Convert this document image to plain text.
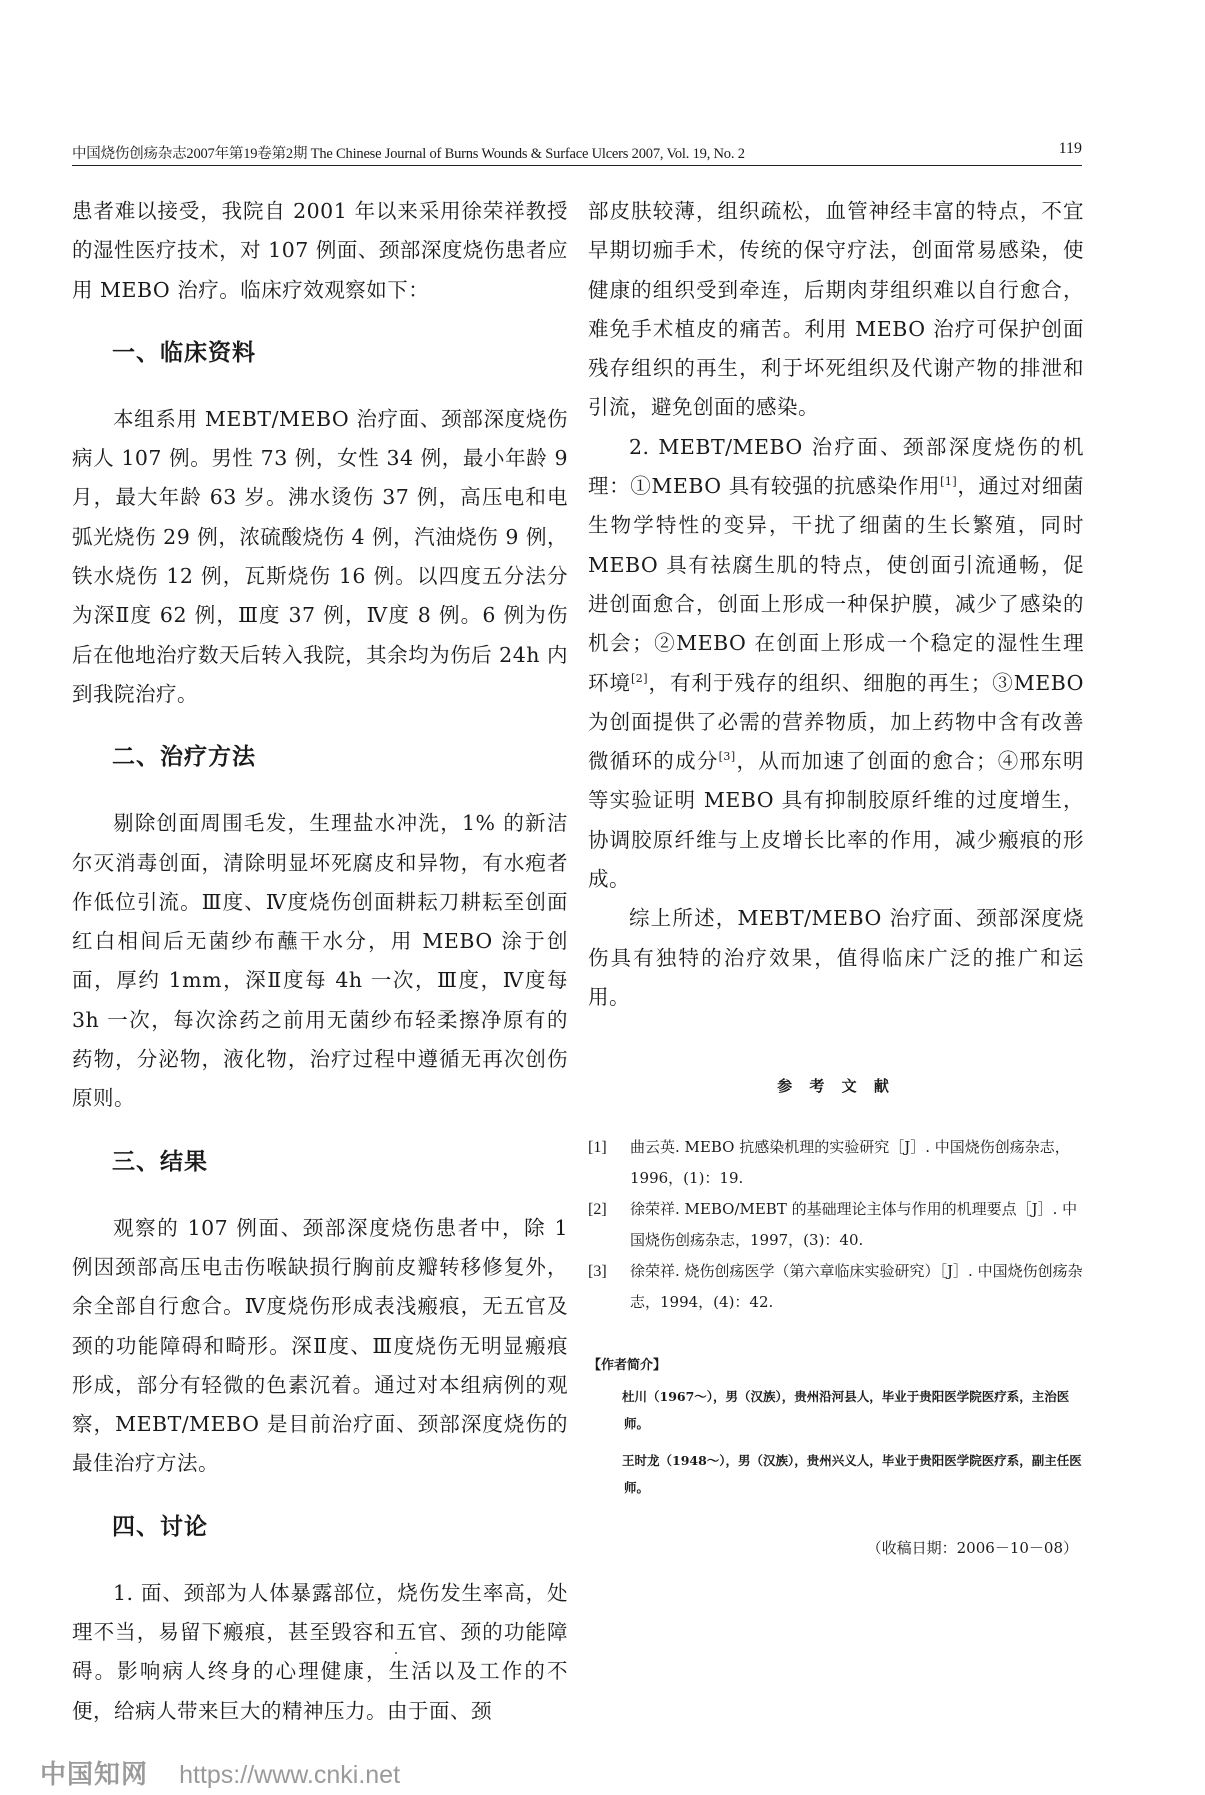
中国烧伤创疡杂志2007年第19卷第2期 The Chinese Journal of Burns Wounds & Surface Ulcers 2007, Vol. 19, No. 2	119

患者难以接受，我院自 2001 年以来采用徐荣祥教授的湿性医疗技术，对 107 例面、颈部深度烧伤患者应用 MEBO 治疗。临床疗效观察如下：

一、临床资料

本组系用 MEBT/MEBO 治疗面、颈部深度烧伤病人 107 例。男性 73 例，女性 34 例，最小年龄 9 月，最大年龄 63 岁。沸水烫伤 37 例，高压电和电弧光烧伤 29 例，浓硫酸烧伤 4 例，汽油烧伤 9 例，铁水烧伤 12 例，瓦斯烧伤 16 例。以四度五分法分为深Ⅱ度 62 例，Ⅲ度 37 例，Ⅳ度 8 例。6 例为伤后在他地治疗数天后转入我院，其余均为伤后 24h 内到我院治疗。

二、治疗方法

剔除创面周围毛发，生理盐水冲洗，1% 的新洁尔灭消毒创面，清除明显坏死腐皮和异物，有水疱者作低位引流。Ⅲ度、Ⅳ度烧伤创面耕耘刀耕耘至创面红白相间后无菌纱布蘸干水分，用 MEBO 涂于创面，厚约 1mm，深Ⅱ度每 4h 一次，Ⅲ度，Ⅳ度每 3h 一次，每次涂药之前用无菌纱布轻柔擦净原有的药物，分泌物，液化物，治疗过程中遵循无再次创伤原则。

三、结果

观察的 107 例面、颈部深度烧伤患者中，除 1 例因颈部高压电击伤喉缺损行胸前皮瓣转移修复外，余全部自行愈合。Ⅳ度烧伤形成表浅瘢痕，无五官及颈的功能障碍和畸形。深Ⅱ度、Ⅲ度烧伤无明显瘢痕形成，部分有轻微的色素沉着。通过对本组病例的观察，MEBT/MEBO 是目前治疗面、颈部深度烧伤的最佳治疗方法。

四、讨论

1. 面、颈部为人体暴露部位，烧伤发生率高，处理不当，易留下瘢痕，甚至毁容和五官、颈的功能障碍。影响病人终身的心理健康，生活以及工作的不便，给病人带来巨大的精神压力。由于面、颈

部皮肤较薄，组织疏松，血管神经丰富的特点，不宜早期切痂手术，传统的保守疗法，创面常易感染，使健康的组织受到牵连，后期肉芽组织难以自行愈合，难免手术植皮的痛苦。利用 MEBO 治疗可保护创面残存组织的再生，利于坏死组织及代谢产物的排泄和引流，避免创面的感染。

2. MEBT/MEBO 治疗面、颈部深度烧伤的机理：①MEBO 具有较强的抗感染作用[1]，通过对细菌生物学特性的变异，干扰了细菌的生长繁殖，同时 MEBO 具有祛腐生肌的特点，使创面引流通畅，促进创面愈合，创面上形成一种保护膜，减少了感染的机会；②MEBO 在创面上形成一个稳定的湿性生理环境[2]，有利于残存的组织、细胞的再生；③MEBO 为创面提供了必需的营养物质，加上药物中含有改善微循环的成分[3]，从而加速了创面的愈合；④邢东明等实验证明 MEBO 具有抑制胶原纤维的过度增生，协调胶原纤维与上皮增长比率的作用，减少瘢痕的形成。

综上所述，MEBT/MEBO 治疗面、颈部深度烧伤具有独特的治疗效果，值得临床广泛的推广和运用。

参 考 文 献
[1]	曲云英. MEBO 抗感染机理的实验研究［J］. 中国烧伤创疡杂志，1996，(1)：19.
[2]	徐荣祥. MEBO/MEBT 的基础理论主体与作用的机理要点［J］. 中国烧伤创疡杂志，1997，(3)：40.
[3]	徐荣祥. 烧伤创疡医学（第六章临床实验研究）［J］. 中国烧伤创疡杂志，1994，(4)：42.
【作者简介】
杜川（1967～），男（汉族），贵州沿河县人，毕业于贵阳医学院医疗系，主治医师。
王时龙（1948～），男（汉族），贵州兴义人，毕业于贵阳医学院医疗系，副主任医师。
（收稿日期：2006－10－08）
中国知网 https://www.cnki.net
